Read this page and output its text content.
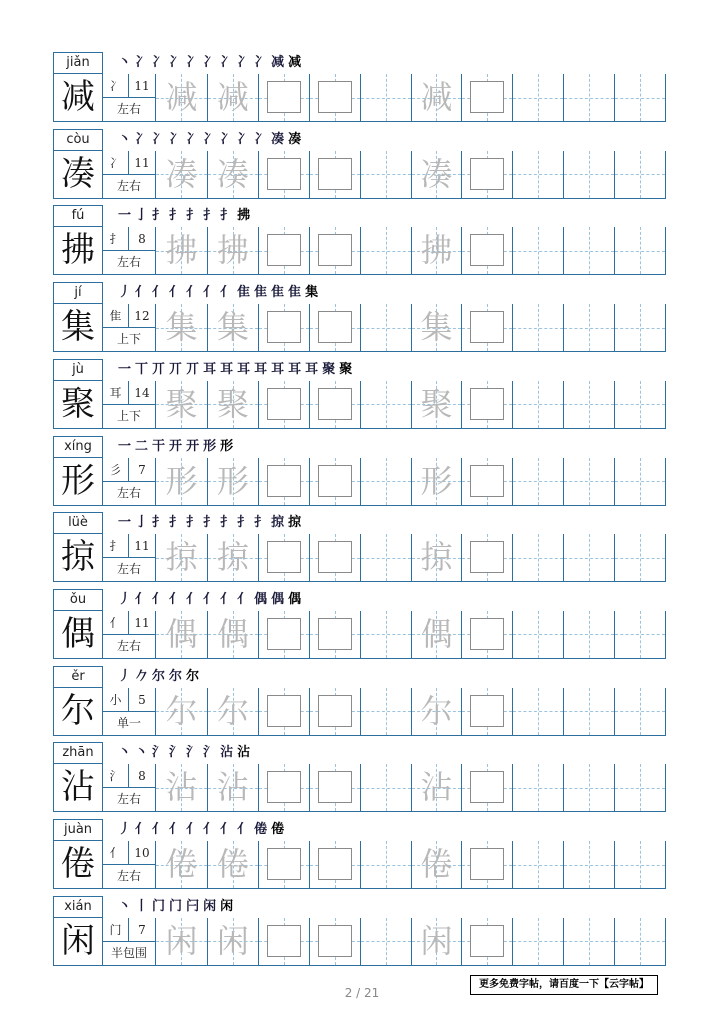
jiǎn	丶冫冫冫冫冫冫冫冫减减
减	冫	11
左右 减 减	减
còu	丶冫冫冫冫冫冫冫冫凑凑
凑	冫	11
左右 凑 凑	凑
fú	一亅扌扌扌扌扌拂
拂	扌	8
左右 拂 拂	拂
jí	丿亻亻亻亻亻亻隹隹隹隹集
集	隹	12
上下 集 集	集
jù	一丅丌丌丌耳耳耳耳耳耳耳聚聚
聚	耳	14
上下 聚 聚	聚
xíng	一二干开开形形
形	彡	7
左右 形 形	形
lüè	一亅扌扌扌扌扌扌扌掠掠
掠	扌	11
左右 掠 掠	掠
ǒu	丿亻亻亻亻亻亻亻偶偶偶
偶	亻	11
左右 偶 偶	偶
ěr	丿𠂊尔尔尔
尔	小	5
单一 尔 尔	尔
zhān	丶丶氵氵氵氵沾沾
沾	氵	8
左右 沾 沾	沾
juàn	丿亻亻亻亻亻亻亻倦倦
倦	亻	10
左右 倦 倦	倦
xián	丶丨门门闩闲闲
闲	门	7
半包围 闲 闲	闲
更多免费字帖，请百度一下【云字帖】
2 / 21
